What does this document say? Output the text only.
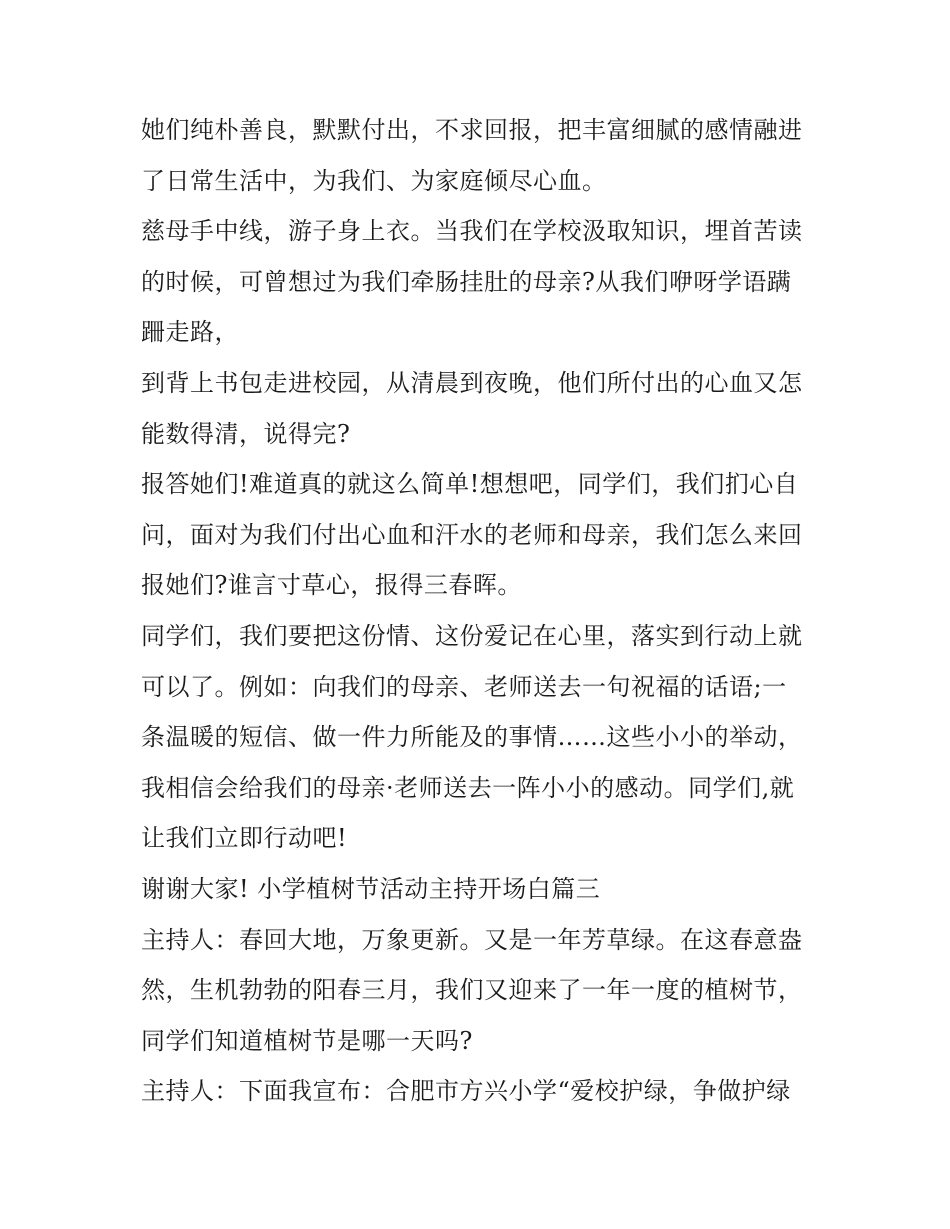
她们纯朴善良，默默付出，不求回报，把丰富细腻的感情融进
了日常生活中，为我们、为家庭倾尽心血。
慈母手中线，游子身上衣。当我们在学校汲取知识，埋首苦读
的时候，可曾想过为我们牵肠挂肚的母亲?从我们咿呀学语蹒
跚走路，
到背上书包走进校园，从清晨到夜晚，他们所付出的心血又怎
能数得清，说得完?
报答她们!难道真的就这么简单!想想吧，同学们，我们扪心自
问，面对为我们付出心血和汗水的老师和母亲，我们怎么来回
报她们?谁言寸草心，报得三春晖。
同学们，我们要把这份情、这份爱记在心里，落实到行动上就
可以了。例如：向我们的母亲、老师送去一句祝福的话语;一
条温暖的短信、做一件力所能及的事情……这些小小的举动，
我相信会给我们的母亲·老师送去一阵小小的感动。同学们,就
让我们立即行动吧!
谢谢大家! 小学植树节活动主持开场白篇三
主持人：春回大地，万象更新。又是一年芳草绿。在这春意盎
然，生机勃勃的阳春三月，我们又迎来了一年一度的植树节，
同学们知道植树节是哪一天吗?
主持人：下面我宣布：合肥市方兴小学“爱校护绿，争做护绿
